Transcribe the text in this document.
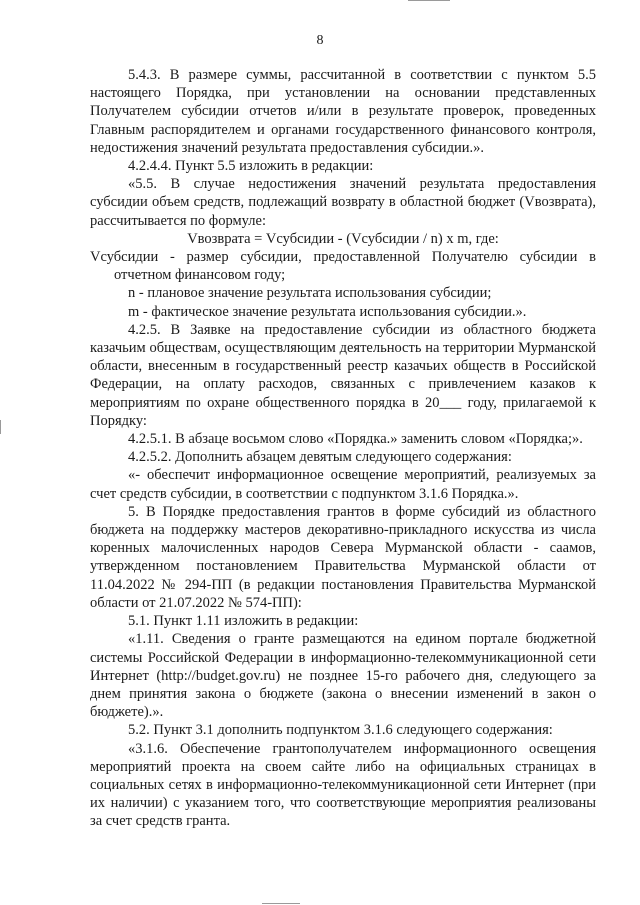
8

5.4.3. В размере суммы, рассчитанной в соответствии с пунктом 5.5 настоящего Порядка, при установлении на основании представленных Получателем субсидии отчетов и/или в результате проверок, проведенных Главным распорядителем и органами государственного финансового контроля, недостижения значений результата предоставления субсидии.».

4.2.4.4. Пункт 5.5 изложить в редакции:

«5.5. В случае недостижения значений результата предоставления субсидии объем средств, подлежащий возврату в областной бюджет (Vвозврата), рассчитывается по формуле:

Vвозврата = Vсубсидии - (Vсубсидии / n) x m, где:

Vсубсидии - размер субсидии, предоставленной Получателю субсидии в отчетном финансовом году;

n - плановое значение результата использования субсидии;

m - фактическое значение результата использования субсидии.».

4.2.5. В Заявке на предоставление субсидии из областного бюджета казачьим обществам, осуществляющим деятельность на территории Мурманской области, внесенным в государственный реестр казачьих обществ в Российской Федерации, на оплату расходов, связанных с привлечением казаков к мероприятиям по охране общественного порядка в 20___ году, прилагаемой к Порядку:

4.2.5.1. В абзаце восьмом слово «Порядка.» заменить словом «Порядка;».

4.2.5.2. Дополнить абзацем девятым следующего содержания:

«- обеспечит информационное освещение мероприятий, реализуемых за счет средств субсидии, в соответствии с подпунктом 3.1.6 Порядка.».

5. В Порядке предоставления грантов в форме субсидий из областного бюджета на поддержку мастеров декоративно-прикладного искусства из числа коренных малочисленных народов Севера Мурманской области - саамов, утвержденном постановлением Правительства Мурманской области от 11.04.2022 № 294-ПП (в редакции постановления Правительства Мурманской области от 21.07.2022 № 574-ПП):

5.1. Пункт 1.11 изложить в редакции:

«1.11. Сведения о гранте размещаются на едином портале бюджетной системы Российской Федерации в информационно-телекоммуникационной сети Интернет (http://budget.gov.ru) не позднее 15-го рабочего дня, следующего за днем принятия закона о бюджете (закона о внесении изменений в закон о бюджете).».

5.2. Пункт 3.1 дополнить подпунктом 3.1.6 следующего содержания:

«3.1.6. Обеспечение грантополучателем информационного освещения мероприятий проекта на своем сайте либо на официальных страницах в социальных сетях в информационно-телекоммуникационной сети Интернет (при их наличии) с указанием того, что соответствующие мероприятия реализованы за счет средств гранта.
